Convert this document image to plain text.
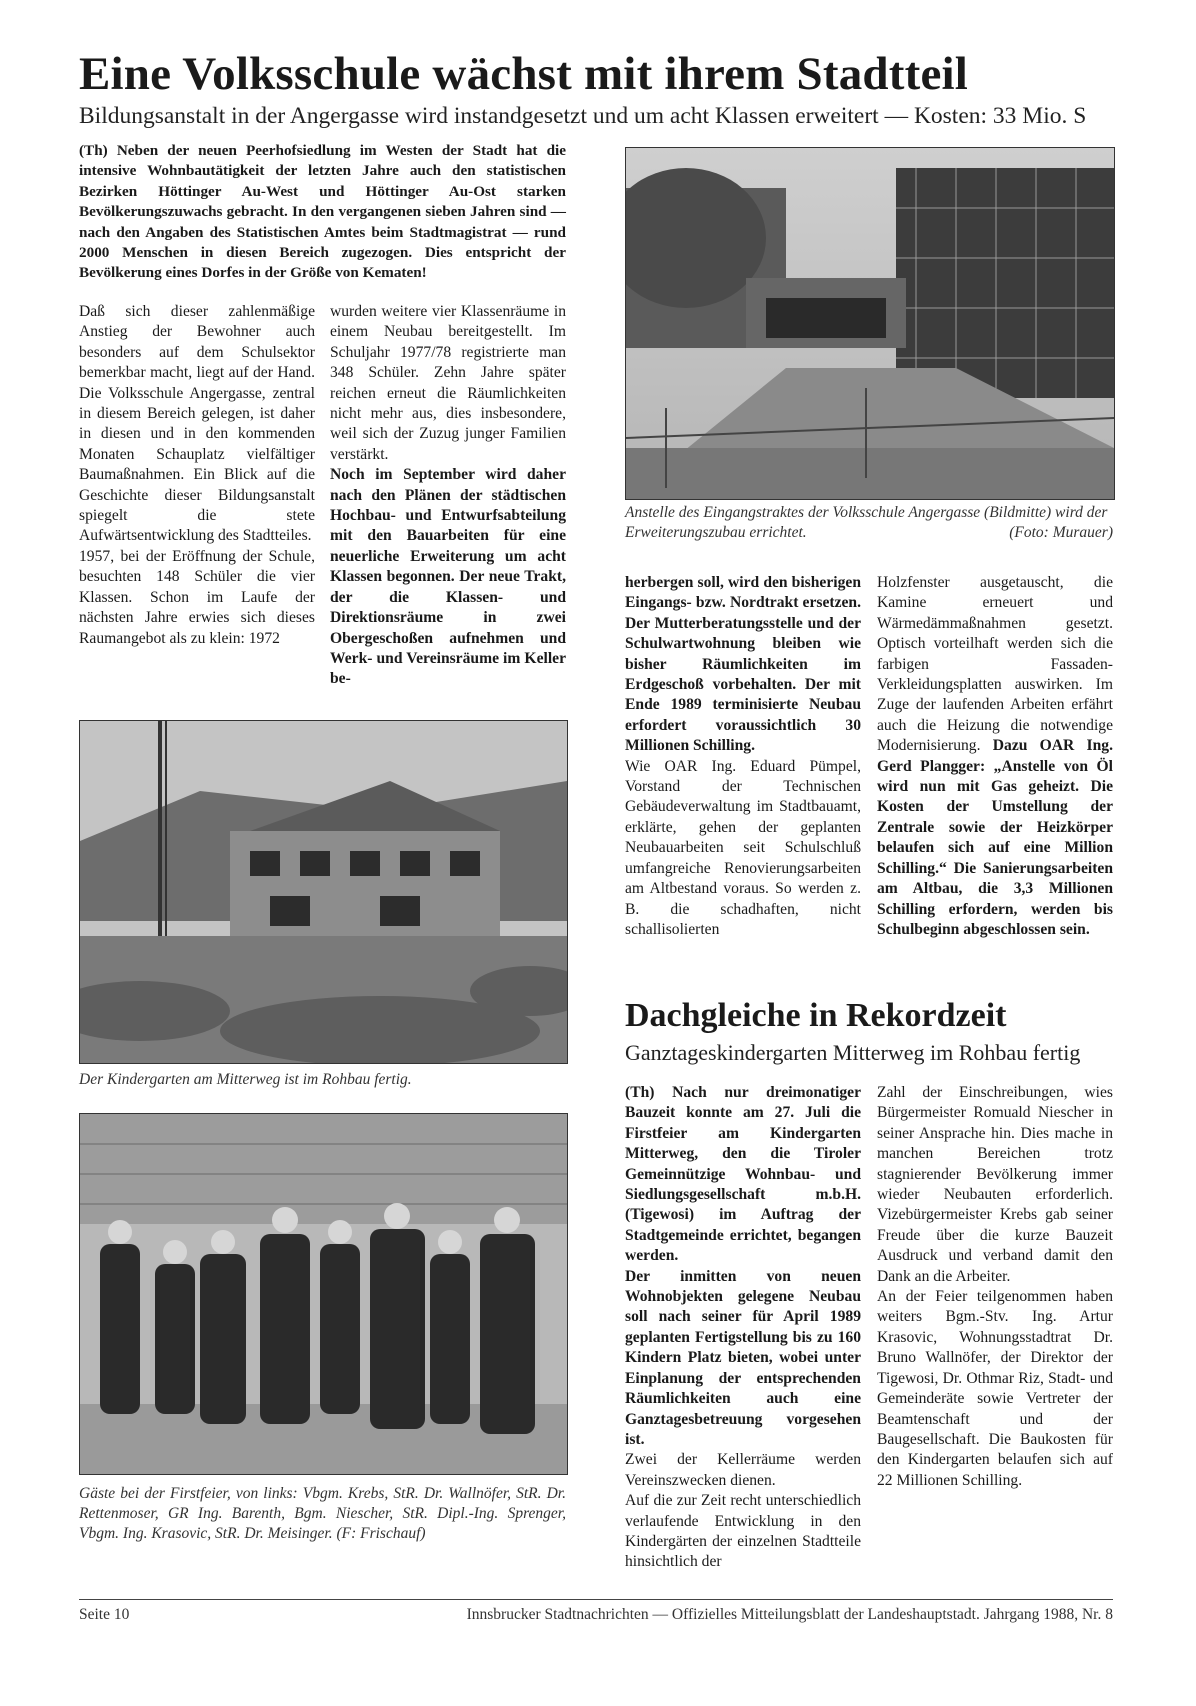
Eine Volksschule wächst mit ihrem Stadtteil
Bildungsanstalt in der Angergasse wird instandgesetzt und um acht Klassen erweitert — Kosten: 33 Mio. S
(Th) Neben der neuen Peerhofsiedlung im Westen der Stadt hat die intensive Wohnbautätigkeit der letzten Jahre auch den statistischen Bezirken Höttinger Au-West und Höttinger Au-Ost starken Bevölkerungszuwachs gebracht. In den vergangenen sieben Jahren sind — nach den Angaben des Statistischen Amtes beim Stadtmagistrat — rund 2000 Menschen in diesen Bereich zugezogen. Dies entspricht der Bevölkerung eines Dorfes in der Größe von Kematen!

Daß sich dieser zahlenmäßige Anstieg der Bewohner auch besonders auf dem Schulsektor bemerkbar macht, liegt auf der Hand. Die Volksschule Angergasse, zentral in diesem Bereich gelegen, ist daher in diesen und in den kommenden Monaten Schauplatz vielfältiger Baumaßnahmen. Ein Blick auf die Geschichte dieser Bildungsanstalt spiegelt die stete Aufwärtsentwicklung des Stadtteiles.

1957, bei der Eröffnung der Schule, besuchten 148 Schüler die vier Klassen. Schon im Laufe der nächsten Jahre erwies sich dieses Raumangebot als zu klein: 1972

wurden weitere vier Klassenräume in einem Neubau bereitgestellt. Im Schuljahr 1977/78 registrierte man 348 Schüler. Zehn Jahre später reichen erneut die Räumlichkeiten nicht mehr aus, dies insbesondere, weil sich der Zuzug junger Familien verstärkt.

Noch im September wird daher nach den Plänen der städtischen Hochbau- und Entwurfsabteilung mit den Bauarbeiten für eine neuerliche Erweiterung um acht Klassen begonnen. Der neue Trakt, der die Klassen- und Direktionsräume in zwei Obergeschoßen aufnehmen und Werk- und Vereinsräume im Keller be-

Anstelle des Eingangstraktes der Volksschule Angergasse (Bildmitte) wird der Erweiterungszubau errichtet.	(Foto: Murauer)

herbergen soll, wird den bisherigen Eingangs- bzw. Nordtrakt ersetzen. Der Mutterberatungsstelle und der Schulwartwohnung bleiben wie bisher Räumlichkeiten im Erdgeschoß vorbehalten. Der mit Ende 1989 terminisierte Neubau erfordert voraussichtlich 30 Millionen Schilling.

Wie OAR Ing. Eduard Pümpel, Vorstand der Technischen Gebäudeverwaltung im Stadtbauamt, erklärte, gehen der geplanten Neubauarbeiten seit Schulschluß umfangreiche Renovierungsarbeiten am Altbestand voraus. So werden z. B. die schadhaften, nicht schallisolierten

Holzfenster ausgetauscht, die Kamine erneuert und Wärmedämmaßnahmen gesetzt. Optisch vorteilhaft werden sich die farbigen Fassaden-Verkleidungsplatten auswirken. Im Zuge der laufenden Arbeiten erfährt auch die Heizung die notwendige Modernisierung. Dazu OAR Ing. Gerd Plangger: „Anstelle von Öl wird nun mit Gas geheizt. Die Kosten der Umstellung der Zentrale sowie der Heizkörper belaufen sich auf eine Million Schilling.“ Die Sanierungsarbeiten am Altbau, die 3,3 Millionen Schilling erfordern, werden bis Schulbeginn abgeschlossen sein.
Der Kindergarten am Mitterweg ist im Rohbau fertig.
Gäste bei der Firstfeier, von links: Vbgm. Krebs, StR. Dr. Wallnöfer, StR. Dr. Rettenmoser, GR Ing. Barenth, Bgm. Niescher, StR. Dipl.-Ing. Sprenger, Vbgm. Ing. Krasovic, StR. Dr. Meisinger. (F: Frischauf)
Dachgleiche in Rekordzeit
Ganztageskindergarten Mitterweg im Rohbau fertig

(Th) Nach nur dreimonatiger Bauzeit konnte am 27. Juli die Firstfeier am Kindergarten Mitterweg, den die Tiroler Gemeinnützige Wohnbau- und Siedlungsgesellschaft m.b.H. (Tigewosi) im Auftrag der Stadtgemeinde errichtet, begangen werden.

Der inmitten von neuen Wohnobjekten gelegene Neubau soll nach seiner für April 1989 geplanten Fertigstellung bis zu 160 Kindern Platz bieten, wobei unter Einplanung der entsprechenden Räumlichkeiten auch eine Ganztagesbetreuung vorgesehen ist.

Zwei der Kellerräume werden Vereinszwecken dienen.

Auf die zur Zeit recht unterschiedlich verlaufende Entwicklung in den Kindergärten der einzelnen Stadtteile hinsichtlich der

Zahl der Einschreibungen, wies Bürgermeister Romuald Niescher in seiner Ansprache hin. Dies mache in manchen Bereichen trotz stagnierender Bevölkerung immer wieder Neubauten erforderlich. Vizebürgermeister Krebs gab seiner Freude über die kurze Bauzeit Ausdruck und verband damit den Dank an die Arbeiter.

An der Feier teilgenommen haben weiters Bgm.-Stv. Ing. Artur Krasovic, Wohnungsstadtrat Dr. Bruno Wallnöfer, der Direktor der Tigewosi, Dr. Othmar Riz, Stadt- und Gemeinderäte sowie Vertreter der Beamtenschaft und der Baugesellschaft. Die Baukosten für den Kindergarten belaufen sich auf 22 Millionen Schilling.

Seite 10	Innsbrucker Stadtnachrichten — Offizielles Mitteilungsblatt der Landeshauptstadt. Jahrgang 1988, Nr. 8
